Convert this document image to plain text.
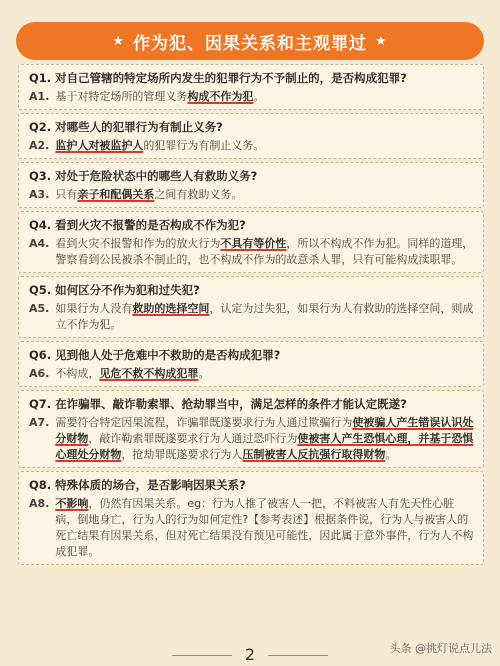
★ 作为犯、因果关系和主观罪过 ★
Q1. 对自己管辖的特定场所内发生的犯罪行为不予制止的，是否构成犯罪?
A1. 基于对特定场所的管理义务构成不作为犯。
Q2. 对哪些人的犯罪行为有制止义务?
A2. 监护人对被监护人的犯罪行为有制止义务。
Q3. 对处于危险状态中的哪些人有救助义务?
A3. 只有亲子和配偶关系之间有救助义务。
Q4. 看到火灾不报警的是否构成不作为犯?
A4. 看到火灾不报警和作为的放火行为不具有等价性，所以不构成不作为犯。同样的道理，警察看到公民被杀不制止的，也不构成不作为的故意杀人罪，只有可能构成渎职罪。
Q5. 如何区分不作为犯和过失犯?
A5. 如果行为人没有救助的选择空间，认定为过失犯，如果行为人有救助的选择空间，则成立不作为犯。
Q6. 见到他人处于危难中不救助的是否构成犯罪?
A6. 不构成，见危不救不构成犯罪。
Q7. 在诈骗罪、敲诈勒索罪、抢劫罪当中，满足怎样的条件才能认定既遂?
A7. 需要符合特定因果流程，诈骗罪既遂要求行为人通过欺骗行为使被骗人产生错误认识处分财物，敲诈勒索罪既遂要求行为人通过恐吓行为使被害人产生恐惧心理，并基于恐惧心理处分财物，抢劫罪既遂要求行为人压制被害人反抗强行取得财物。
Q8. 特殊体质的场合，是否影响因果关系?
A8. 不影响，仍然有因果关系。eg：行为人推了被害人一把，不料被害人有先天性心脏病，倒地身亡，行为人的行为如何定性?【参考表述】根据条件说，行为人与被害人的死亡结果有因果关系，但对死亡结果没有预见可能性，因此属于意外事件，行为人不构成犯罪。
2	头条 @挑灯说点儿法
